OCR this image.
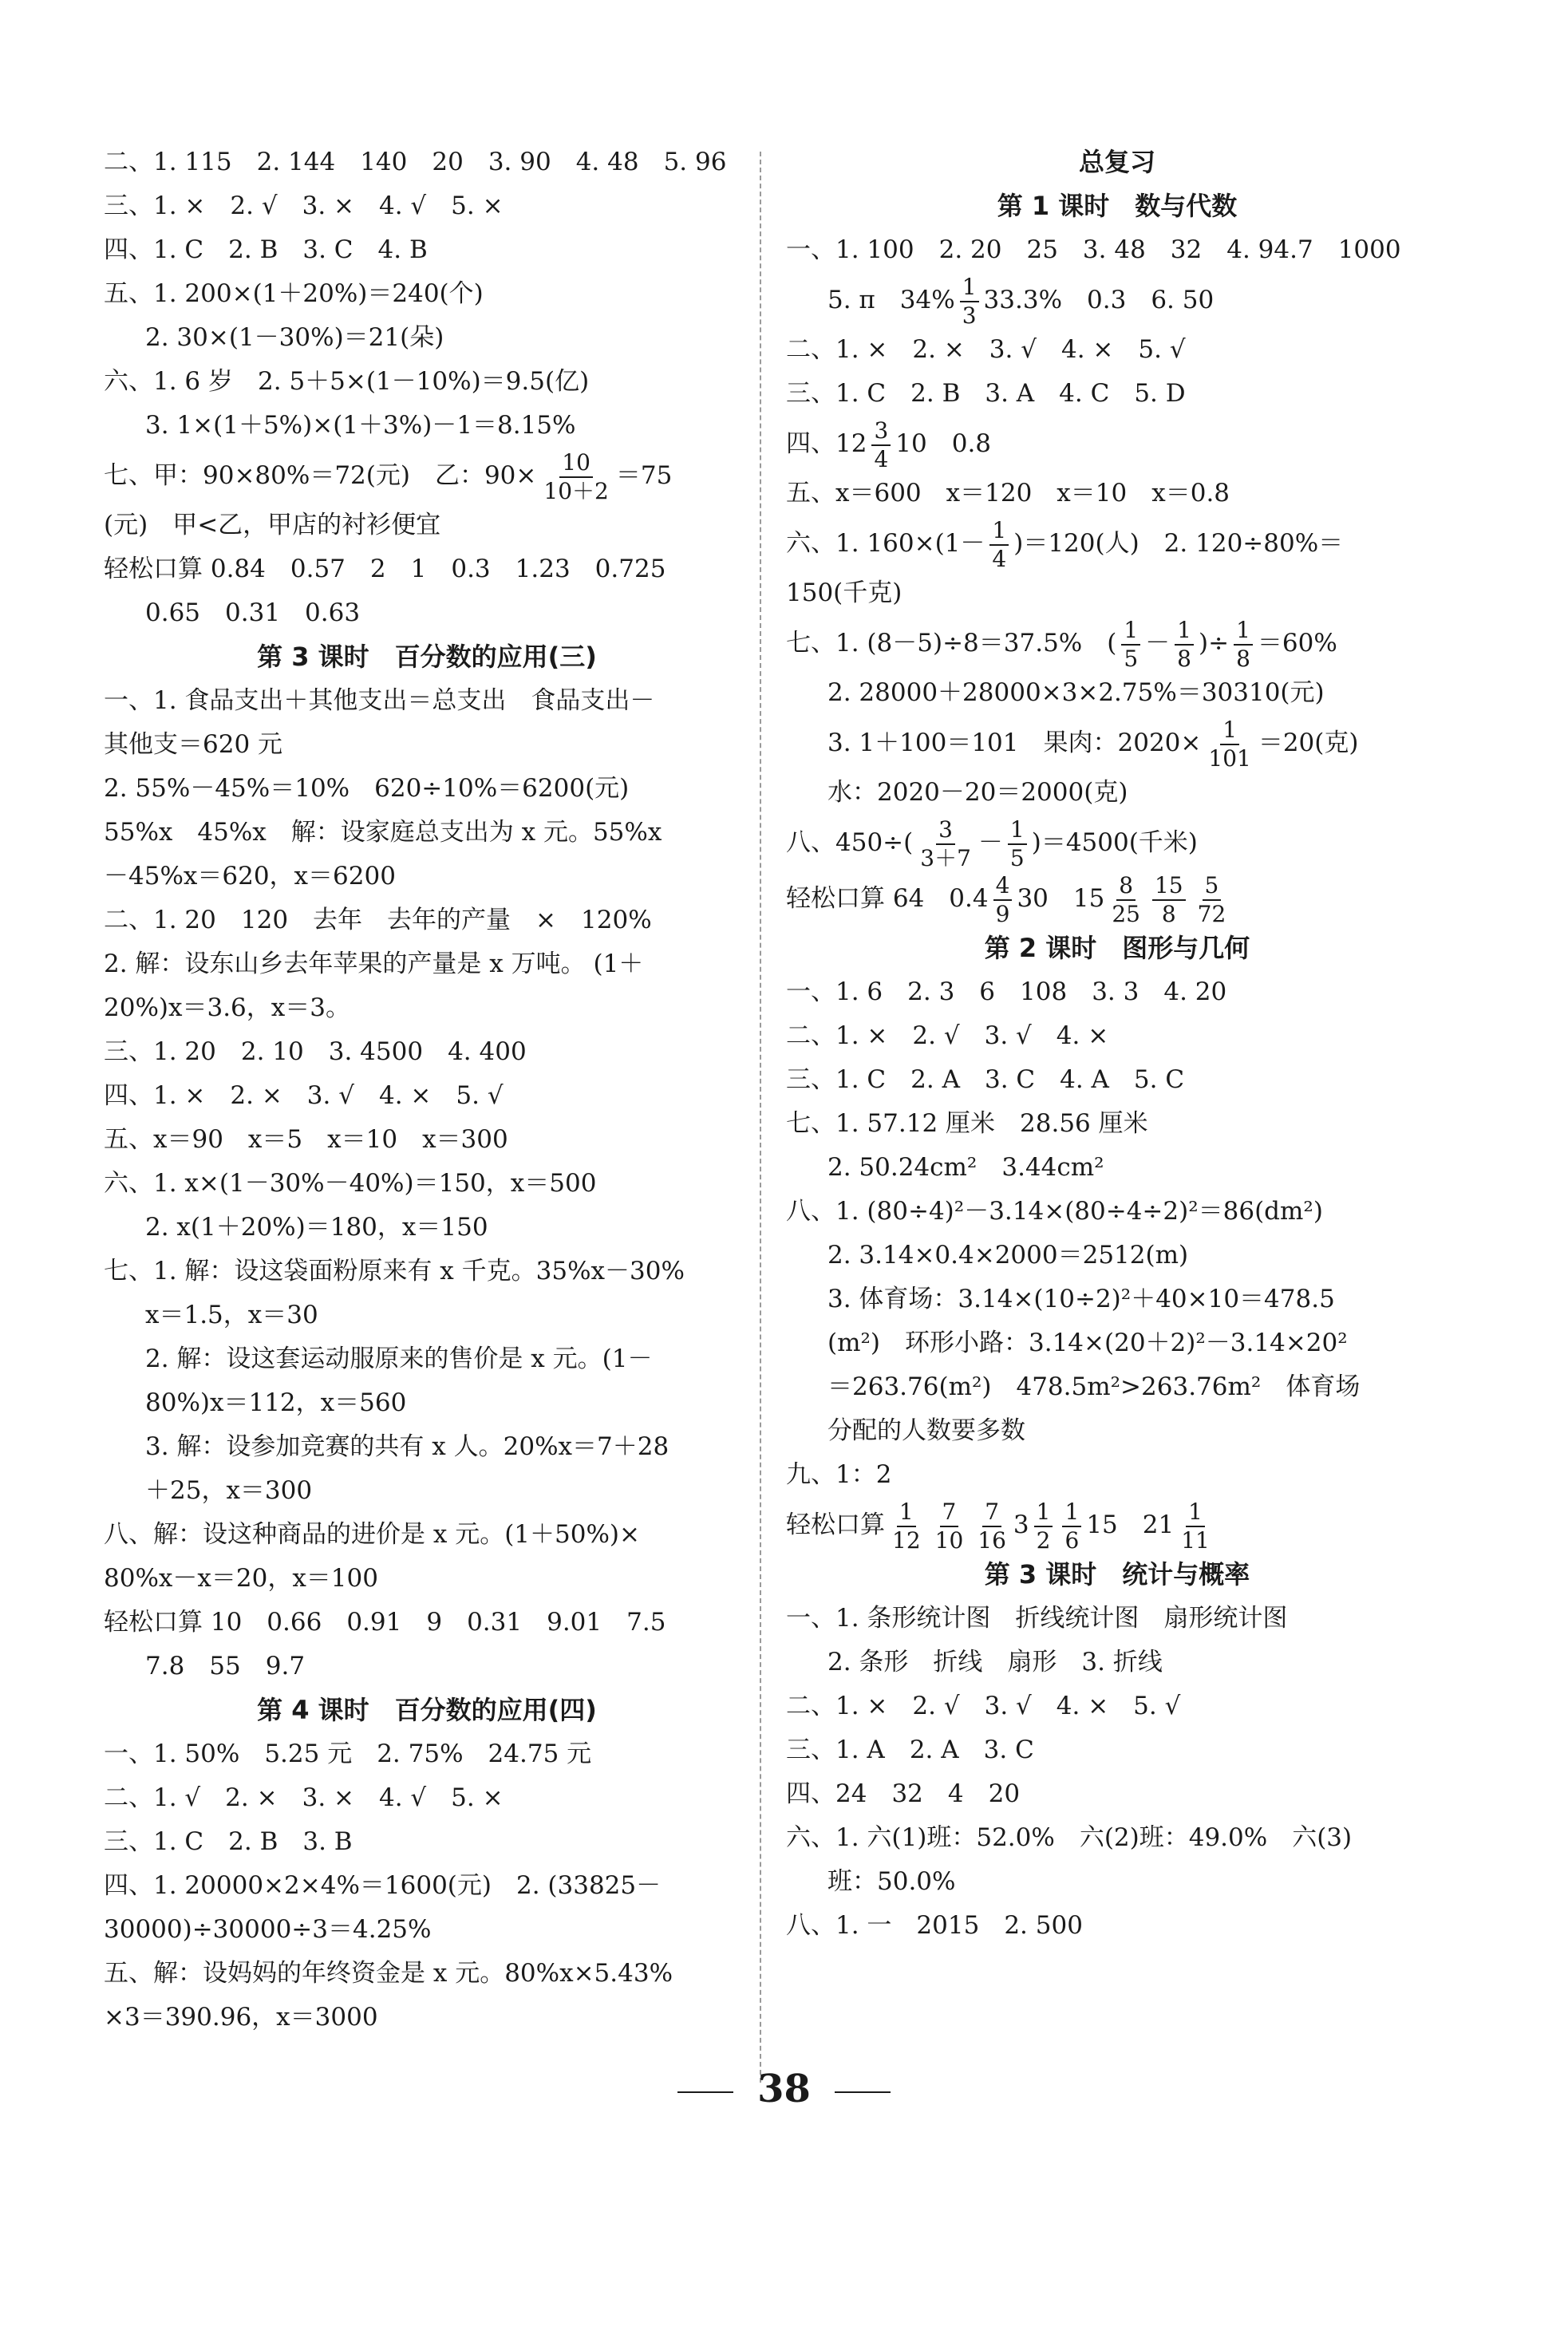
二、1. 115　2. 144　140　20　3. 90　4. 48　5. 96
三、1. ×　2. √　3. ×　4. √　5. ×
四、1. C　2. B　3. C　4. B
五、1. 200×(1＋20%)＝240(个)
2. 30×(1－30%)＝21(朵)
六、1. 6 岁　2. 5＋5×(1－10%)＝9.5(亿)
3. 1×(1＋5%)×(1＋3%)－1＝8.15%
七、甲：90×80%＝72(元)　乙：$90\times \frac{10}{10+2} =75$
(元)　甲<乙，甲店的衬衫便宜
轻松口算 0.84　0.57　2　1　0.3　1.23　0.725
0.65　0.31　0.63
第 3 课时　百分数的应用(三)
一、1. 食品支出＋其他支出＝总支出　食品支出－
其他支＝620 元
2. 55%－45%＝10%　620÷10%＝6200(元)
55%x　45%x　解：设家庭总支出为 x 元。55%x
－45%x＝620，x＝6200
二、1. 20　120　去年　去年的产量　×　120%
2. 解：设东山乡去年苹果的产量是 x 万吨。 (1＋
20%)x＝3.6，x＝3。
三、1. 20　2. 10　3. 4500　4. 400
四、1. ×　2. ×　3. √　4. ×　5. √
五、x＝90　x＝5　x＝10　x＝300
六、1. x×(1－30%－40%)＝150，x＝500
2. x(1＋20%)＝180，x＝150
七、1. 解：设这袋面粉原来有 x 千克。35%x－30%
x＝1.5，x＝30
2. 解：设这套运动服原来的售价是 x 元。(1－
80%)x＝112，x＝560
3. 解：设参加竞赛的共有 x 人。20%x＝7＋28
＋25，x＝300
八、解：设这种商品的进价是 x 元。(1＋50%)×
80%x－x＝20，x＝100
轻松口算 10　0.66　0.91　9　0.31　9.01　7.5
7.8　55　9.7
第 4 课时　百分数的应用(四)
一、1. 50%　5.25 元　2. 75%　24.75 元
二、1. √　2. ×　3. ×　4. √　5. ×
三、1. C　2. B　3. B
四、1. 20000×2×4%＝1600(元)　2. (33825－
30000)÷30000÷3＝4.25%
五、解：设妈妈的年终资金是 x 元。80%x×5.43%
×3＝390.96，x＝3000
总复习
第 1 课时　数与代数
一、1. 100　2. 20　25　3. 48　32　4. 94.7　1000
5. π　$34\% \frac{1}{3} 33.3\%$　0.3　6. 50
二、1. ×　2. ×　3. √　4. ×　5. √
三、1. C　2. B　3. A　4. C　5. D
四、$12 \frac{3}{4} 10$　0.8
五、x＝600　x＝120　x＝10　x＝0.8
六、1. $160\times(1- \frac{1}{4} )=120$(人)　2. 120÷80%＝
150(千克)
七、1. (8－5)÷8＝37.5%　( $\frac{1}{5} - \frac{1}{8}$ )÷ $\frac{1}{8} =60\%$
2. 28000＋28000×3×2.75%＝30310(元)
3. 1＋100＝101　果肉：$2020\times \frac{1}{101} =20$(克)
水：2020－20＝2000(克)
八、$450\div( \frac{3}{3+7} - \frac{1}{5} )=4500$(千米)
轻松口算 64　$0.4 \frac{4}{9} 30$　$15 \frac{8}{25} \frac{15}{8} \frac{5}{72}$
第 2 课时　图形与几何
一、1. 6　2. 3　6　108　3. 3　4. 20
二、1. ×　2. √　3. √　4. ×
三、1. C　2. A　3. C　4. A　5. C
七、1. 57.12 厘米　28.56 厘米
2. 50.24cm²　3.44cm²
八、1. (80÷4)²－3.14×(80÷4÷2)²＝86(dm²)
2. 3.14×0.4×2000＝2512(m)
3. 体育场：3.14×(10÷2)²＋40×10＝478.5
(m²)　环形小路：3.14×(20＋2)²－3.14×20²
＝263.76(m²)　478.5m²>263.76m²　体育场
分配的人数要多数
九、1：2
轻松口算 $\frac{1}{12} \frac{7}{10} \frac{7}{16} 3 \frac{1}{2} \frac{1}{6} 15$　$21 \frac{1}{11}$
第 3 课时　统计与概率
一、1. 条形统计图　折线统计图　扇形统计图
2. 条形　折线　扇形　3. 折线
二、1. ×　2. √　3. √　4. ×　5. √
三、1. A　2. A　3. C
四、24　32　4　20
六、1. 六(1)班：52.0%　六(2)班：49.0%　六(3)
班：50.0%
八、1. 一　2015　2. 500
38
